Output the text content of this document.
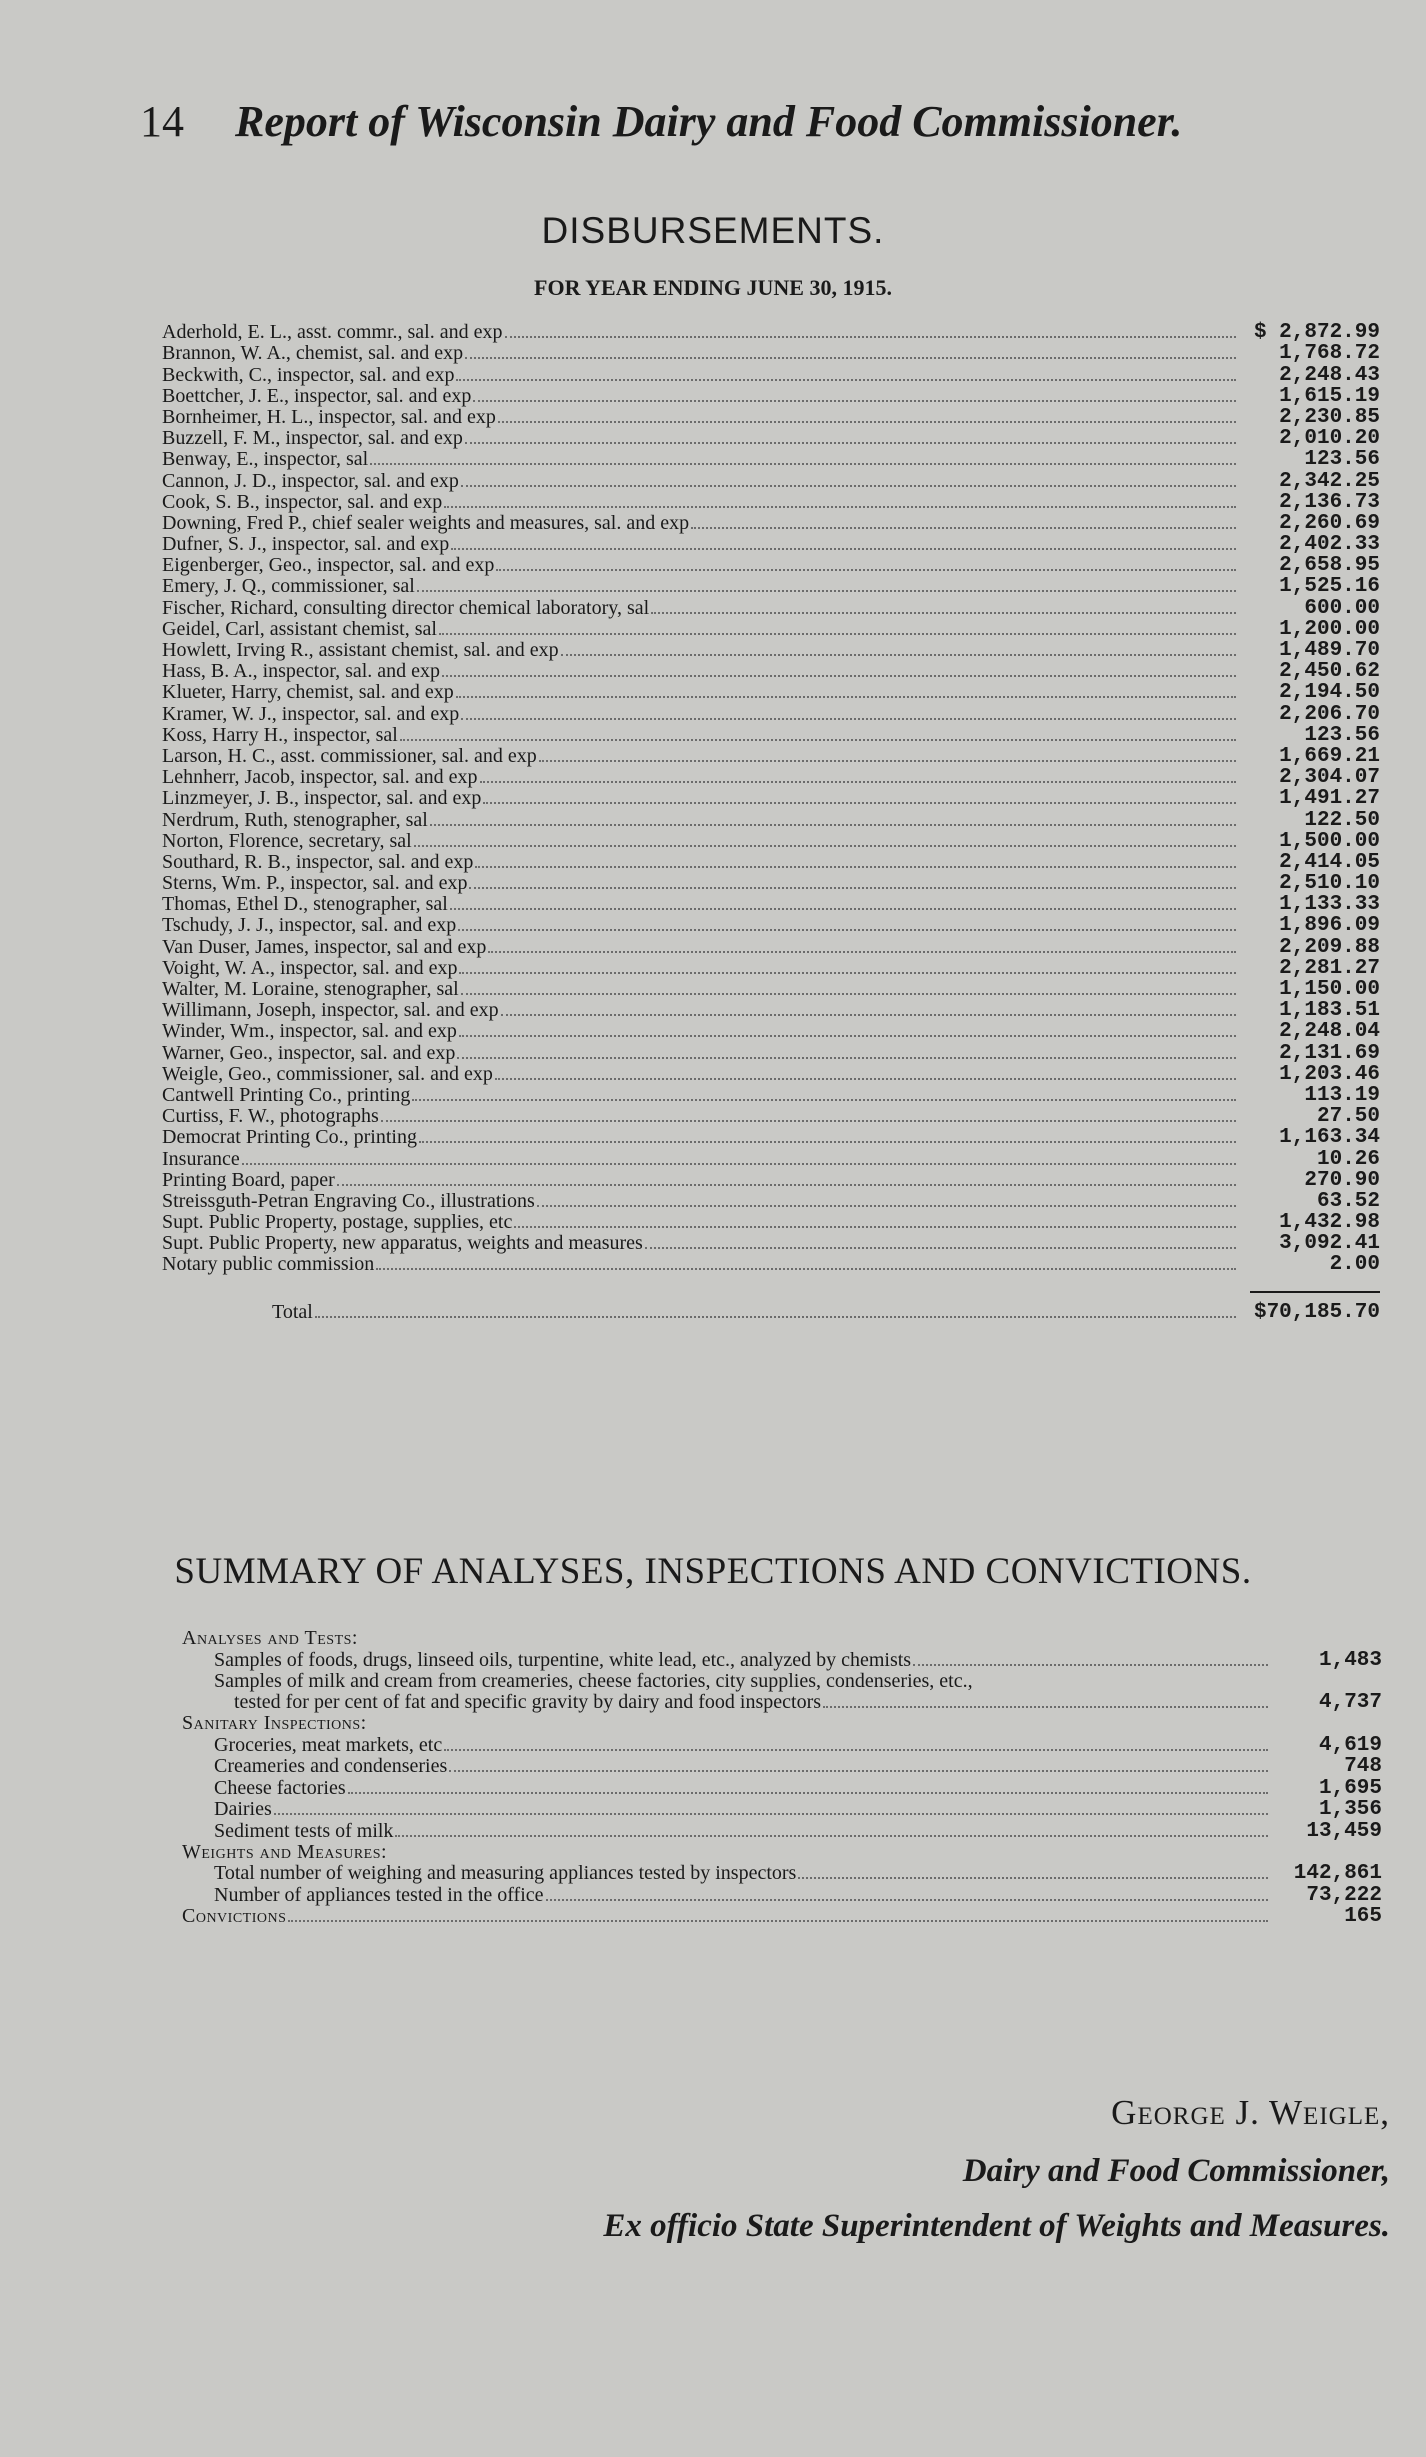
14 Report of Wisconsin Dairy and Food Commissioner.
DISBURSEMENTS.
FOR YEAR ENDING JUNE 30, 1915.
Aderhold, E. L., asst. commr., sal. and exp	$ 2,872.99
Brannon, W. A., chemist, sal. and exp	1,768.72
Beckwith, C., inspector, sal. and exp	2,248.43
Boettcher, J. E., inspector, sal. and exp	1,615.19
Bornheimer, H. L., inspector, sal. and exp	2,230.85
Buzzell, F. M., inspector, sal. and exp	2,010.20
Benway, E., inspector, sal	123.56
Cannon, J. D., inspector, sal. and exp	2,342.25
Cook, S. B., inspector, sal. and exp	2,136.73
Downing, Fred P., chief sealer weights and measures, sal. and exp	2,260.69
Dufner, S. J., inspector, sal. and exp	2,402.33
Eigenberger, Geo., inspector, sal. and exp	2,658.95
Emery, J. Q., commissioner, sal	1,525.16
Fischer, Richard, consulting director chemical laboratory, sal	600.00
Geidel, Carl, assistant chemist, sal	1,200.00
Howlett, Irving R., assistant chemist, sal. and exp	1,489.70
Hass, B. A., inspector, sal. and exp	2,450.62
Klueter, Harry, chemist, sal. and exp	2,194.50
Kramer, W. J., inspector, sal. and exp	2,206.70
Koss, Harry H., inspector, sal	123.56
Larson, H. C., asst. commissioner, sal. and exp	1,669.21
Lehnherr, Jacob, inspector, sal. and exp	2,304.07
Linzmeyer, J. B., inspector, sal. and exp	1,491.27
Nerdrum, Ruth, stenographer, sal	122.50
Norton, Florence, secretary, sal	1,500.00
Southard, R. B., inspector, sal. and exp	2,414.05
Sterns, Wm. P., inspector, sal. and exp	2,510.10
Thomas, Ethel D., stenographer, sal	1,133.33
Tschudy, J. J., inspector, sal. and exp	1,896.09
Van Duser, James, inspector, sal and exp	2,209.88
Voight, W. A., inspector, sal. and exp	2,281.27
Walter, M. Loraine, stenographer, sal	1,150.00
Willimann, Joseph, inspector, sal. and exp	1,183.51
Winder, Wm., inspector, sal. and exp	2,248.04
Warner, Geo., inspector, sal. and exp	2,131.69
Weigle, Geo., commissioner, sal. and exp	1,203.46
Cantwell Printing Co., printing	113.19
Curtiss, F. W., photographs	27.50
Democrat Printing Co., printing	1,163.34
Insurance	10.26
Printing Board, paper	270.90
Streissguth-Petran Engraving Co., illustrations	63.52
Supt. Public Property, postage, supplies, etc	1,432.98
Supt. Public Property, new apparatus, weights and measures	3,092.41
Notary public commission	2.00
Total	$70,185.70
SUMMARY OF ANALYSES, INSPECTIONS AND CONVICTIONS.
Analyses and Tests:
Samples of foods, drugs, linseed oils, turpentine, white lead, etc., analyzed by chemists	1,483
Samples of milk and cream from creameries, cheese factories, city supplies, condenseries, etc.,
tested for per cent of fat and specific gravity by dairy and food inspectors	4,737
Sanitary Inspections:
Groceries, meat markets, etc	4,619
Creameries and condenseries	748
Cheese factories	1,695
Dairies	1,356
Sediment tests of milk	13,459
Weights and Measures:
Total number of weighing and measuring appliances tested by inspectors	142,861
Number of appliances tested in the office	73,222
Convictions	165
George J. Weigle,
Dairy and Food Commissioner,
Ex officio State Superintendent of Weights and Measures.
